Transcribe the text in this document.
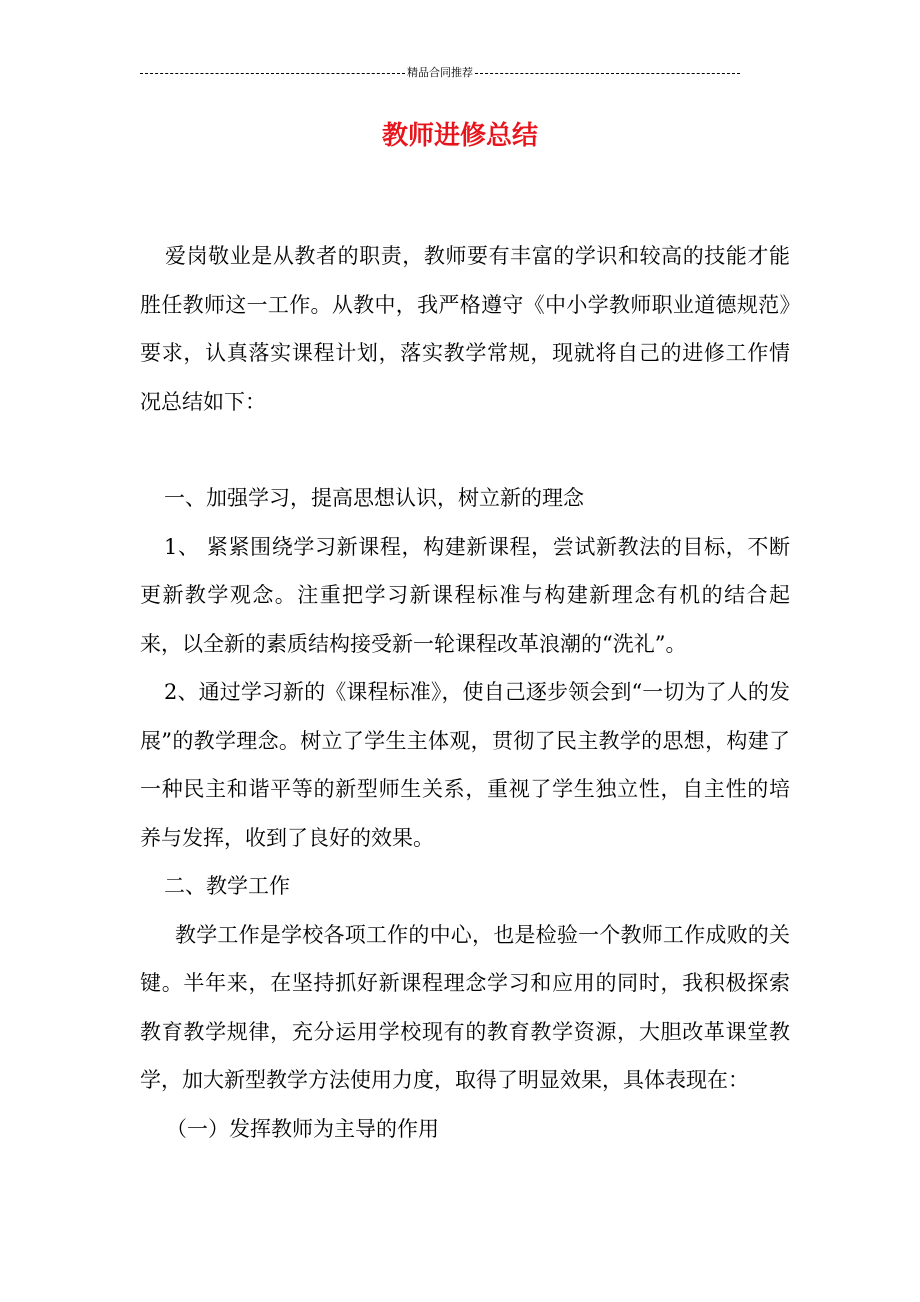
精品合同推荐
教师进修总结

爱岗敬业是从教者的职责，教师要有丰富的学识和较高的技能才能胜任教师这一工作。从教中，我严格遵守《中小学教师职业道德规范》要求，认真落实课程计划，落实教学常规，现就将自己的进修工作情况总结如下：

一、加强学习，提高思想认识，树立新的理念

1、 紧紧围绕学习新课程，构建新课程，尝试新教法的目标，不断更新教学观念。注重把学习新课程标准与构建新理念有机的结合起来，以全新的素质结构接受新一轮课程改革浪潮的“洗礼”。

2、通过学习新的《课程标准》，使自己逐步领会到“一切为了人的发展”的教学理念。树立了学生主体观，贯彻了民主教学的思想，构建了一种民主和谐平等的新型师生关系，重视了学生独立性，自主性的培养与发挥，收到了良好的效果。

二、教学工作

教学工作是学校各项工作的中心，也是检验一个教师工作成败的关键。半年来，在坚持抓好新课程理念学习和应用的同时，我积极探索教育教学规律，充分运用学校现有的教育教学资源，大胆改革课堂教学，加大新型教学方法使用力度，取得了明显效果，具体表现在：

（一）发挥教师为主导的作用
